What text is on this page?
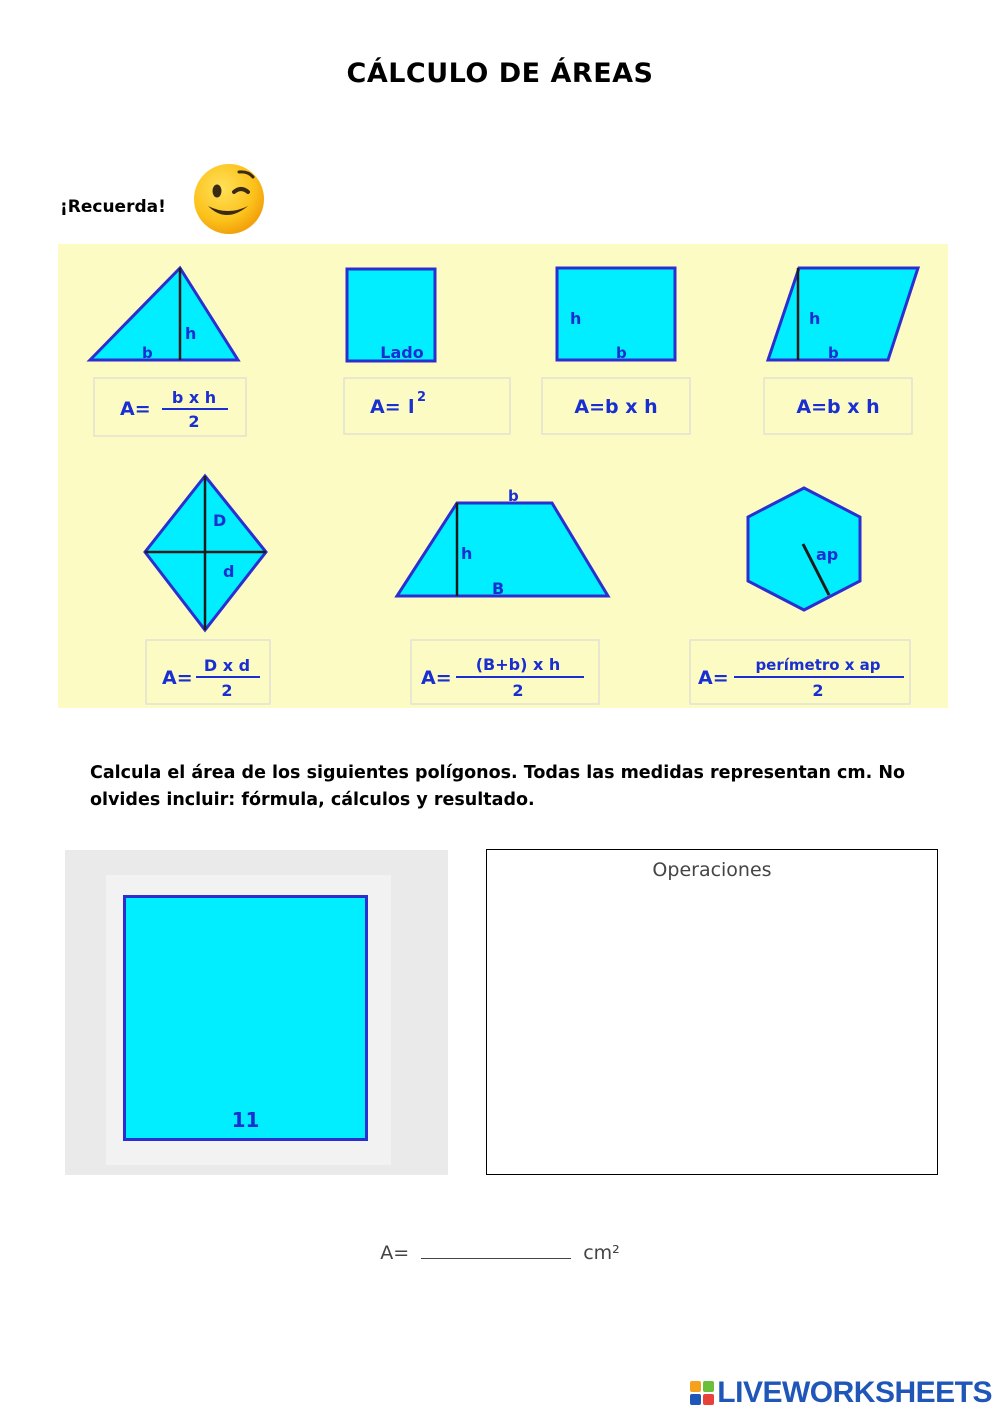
CÁLCULO DE ÁREAS
¡Recuerda!
h
b
A=
b x h
2
Lado
A= l 2
h
b
A=b x h
h
b
A=b x h
D
d
A=
D x d
2
b
h
B
A=
(B+b) x h
2
ap
A=
perímetro x ap
2
Calcula el área de los siguientes polígonos. Todas las medidas representan cm. No olvides incluir: fórmula, cálculos y resultado.
11
Operaciones
A=	cm²
LIVEWORKSHEETS
